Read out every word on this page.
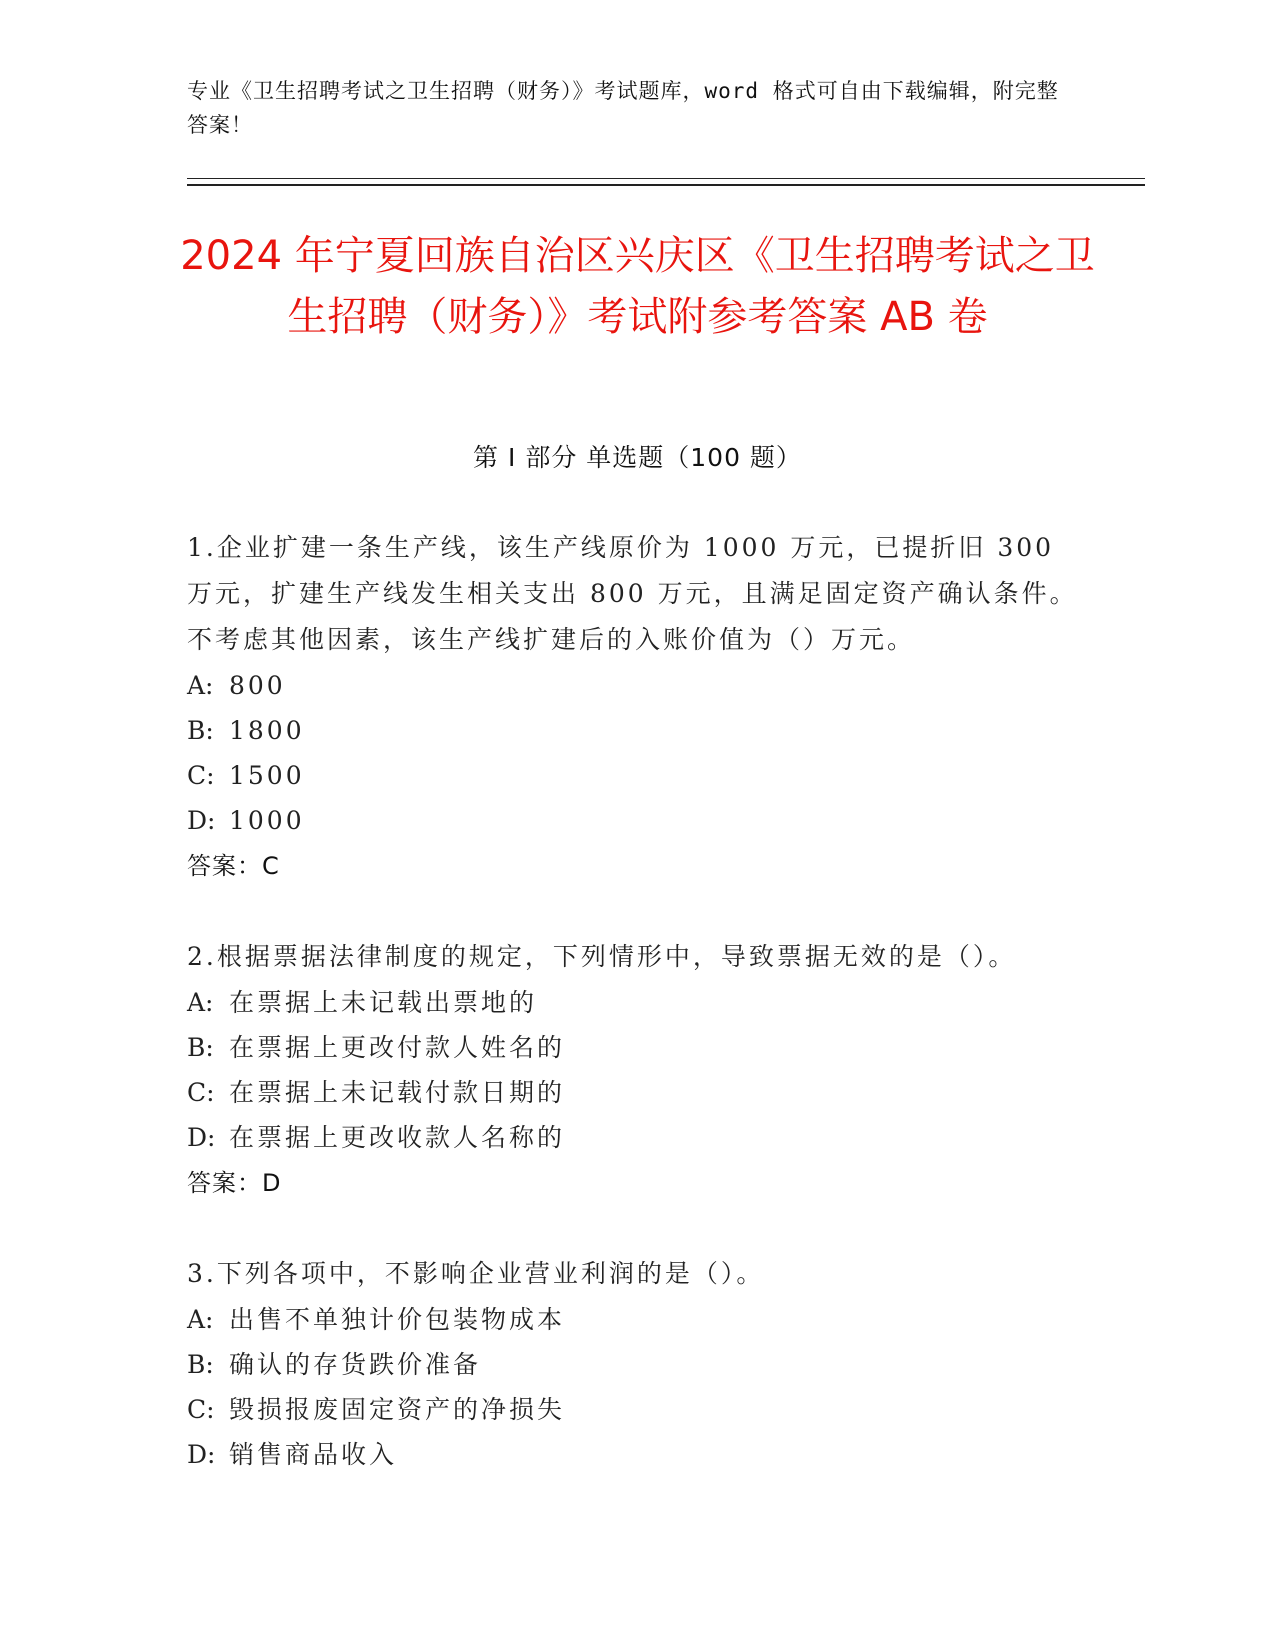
专业《卫生招聘考试之卫生招聘（财务）》考试题库，word 格式可自由下载编辑，附完整答案！
2024 年宁夏回族自治区兴庆区《卫生招聘考试之卫生招聘（财务）》考试附参考答案 AB 卷
第 I 部分 单选题（100 题）
1.企业扩建一条生产线，该生产线原价为 1000 万元，已提折旧 300 万元，扩建生产线发生相关支出 800 万元，且满足固定资产确认条件。不考虑其他因素，该生产线扩建后的入账价值为（）万元。
A: 800
B: 1800
C: 1500
D: 1000
答案：C
2.根据票据法律制度的规定，下列情形中，导致票据无效的是（）。
A: 在票据上未记载出票地的
B: 在票据上更改付款人姓名的
C: 在票据上未记载付款日期的
D: 在票据上更改收款人名称的
答案：D
3.下列各项中，不影响企业营业利润的是（）。
A: 出售不单独计价包装物成本
B: 确认的存货跌价准备
C: 毁损报废固定资产的净损失
D: 销售商品收入
